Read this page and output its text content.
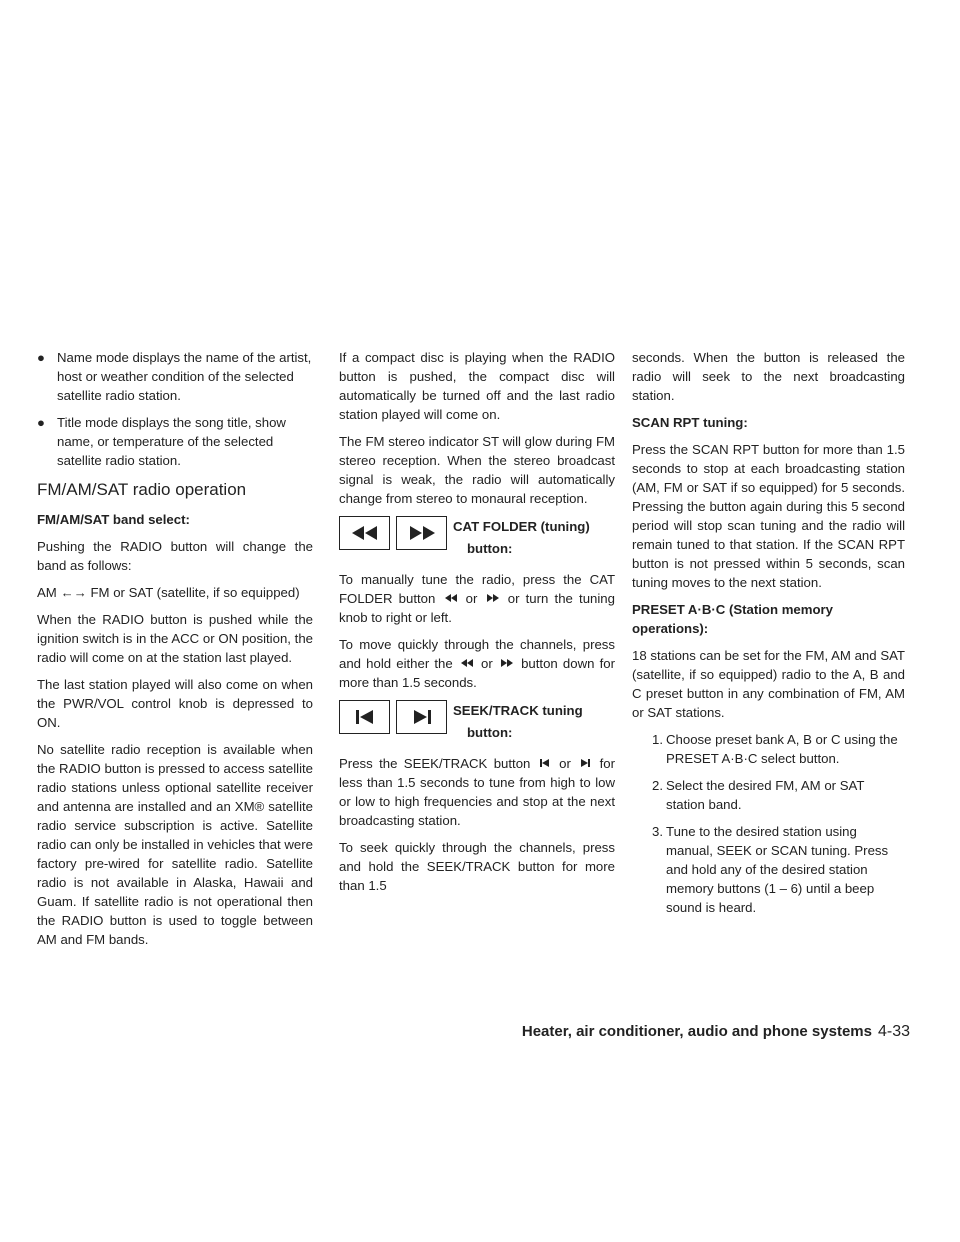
● Name mode displays the name of the artist, host or weather condition of the selected satellite radio station.
● Title mode displays the song title, show name, or temperature of the selected satellite radio station.
FM/AM/SAT radio operation
FM/AM/SAT band select:

Pushing the RADIO button will change the band as follows:

AM ←→ FM or SAT (satellite, if so equipped)

When the RADIO button is pushed while the ignition switch is in the ACC or ON position, the radio will come on at the station last played.

The last station played will also come on when the PWR/VOL control knob is depressed to ON.

No satellite radio reception is available when the RADIO button is pressed to access satellite radio stations unless optional satellite receiver and antenna are installed and an XM® satellite radio service subscription is active. Satellite radio can only be installed in vehicles that were factory pre-wired for satellite radio. Satellite radio is not available in Alaska, Hawaii and Guam. If satellite radio is not operational then the RADIO button is used to toggle between AM and FM bands.

If a compact disc is playing when the RADIO button is pushed, the compact disc will automatically be turned off and the last radio station played will come on.

The FM stereo indicator ST will glow during FM stereo reception. When the stereo broadcast signal is weak, the radio will automatically change from stereo to monaural reception.

CAT FOLDER (tuning)
button:

To manually tune the radio, press the CAT FOLDER button or or turn the tuning knob to right or left.

To move quickly through the channels, press and hold either the or button down for more than 1.5 seconds.

SEEK/TRACK tuning
button:

Press the SEEK/TRACK button or for less than 1.5 seconds to tune from high to low or low to high frequencies and stop at the next broadcasting station.

To seek quickly through the channels, press and hold the SEEK/TRACK button for more than 1.5

seconds. When the button is released the radio will seek to the next broadcasting station.

SCAN RPT tuning:

Press the SCAN RPT button for more than 1.5 seconds to stop at each broadcasting station (AM, FM or SAT if so equipped) for 5 seconds. Pressing the button again during this 5 second period will stop scan tuning and the radio will remain tuned to that station. If the SCAN RPT button is not pressed within 5 seconds, scan tuning moves to the next station.

PRESET A·B·C (Station memory operations):

18 stations can be set for the FM, AM and SAT (satellite, if so equipped) radio to the A, B and C preset button in any combination of FM, AM or SAT stations.

1. Choose preset bank A, B or C using the PRESET A·B·C select button.
2. Select the desired FM, AM or SAT station band.
3. Tune to the desired station using manual, SEEK or SCAN tuning. Press and hold any of the desired station memory buttons (1 – 6) until a beep sound is heard.
Heater, air conditioner, audio and phone systems 4-33
